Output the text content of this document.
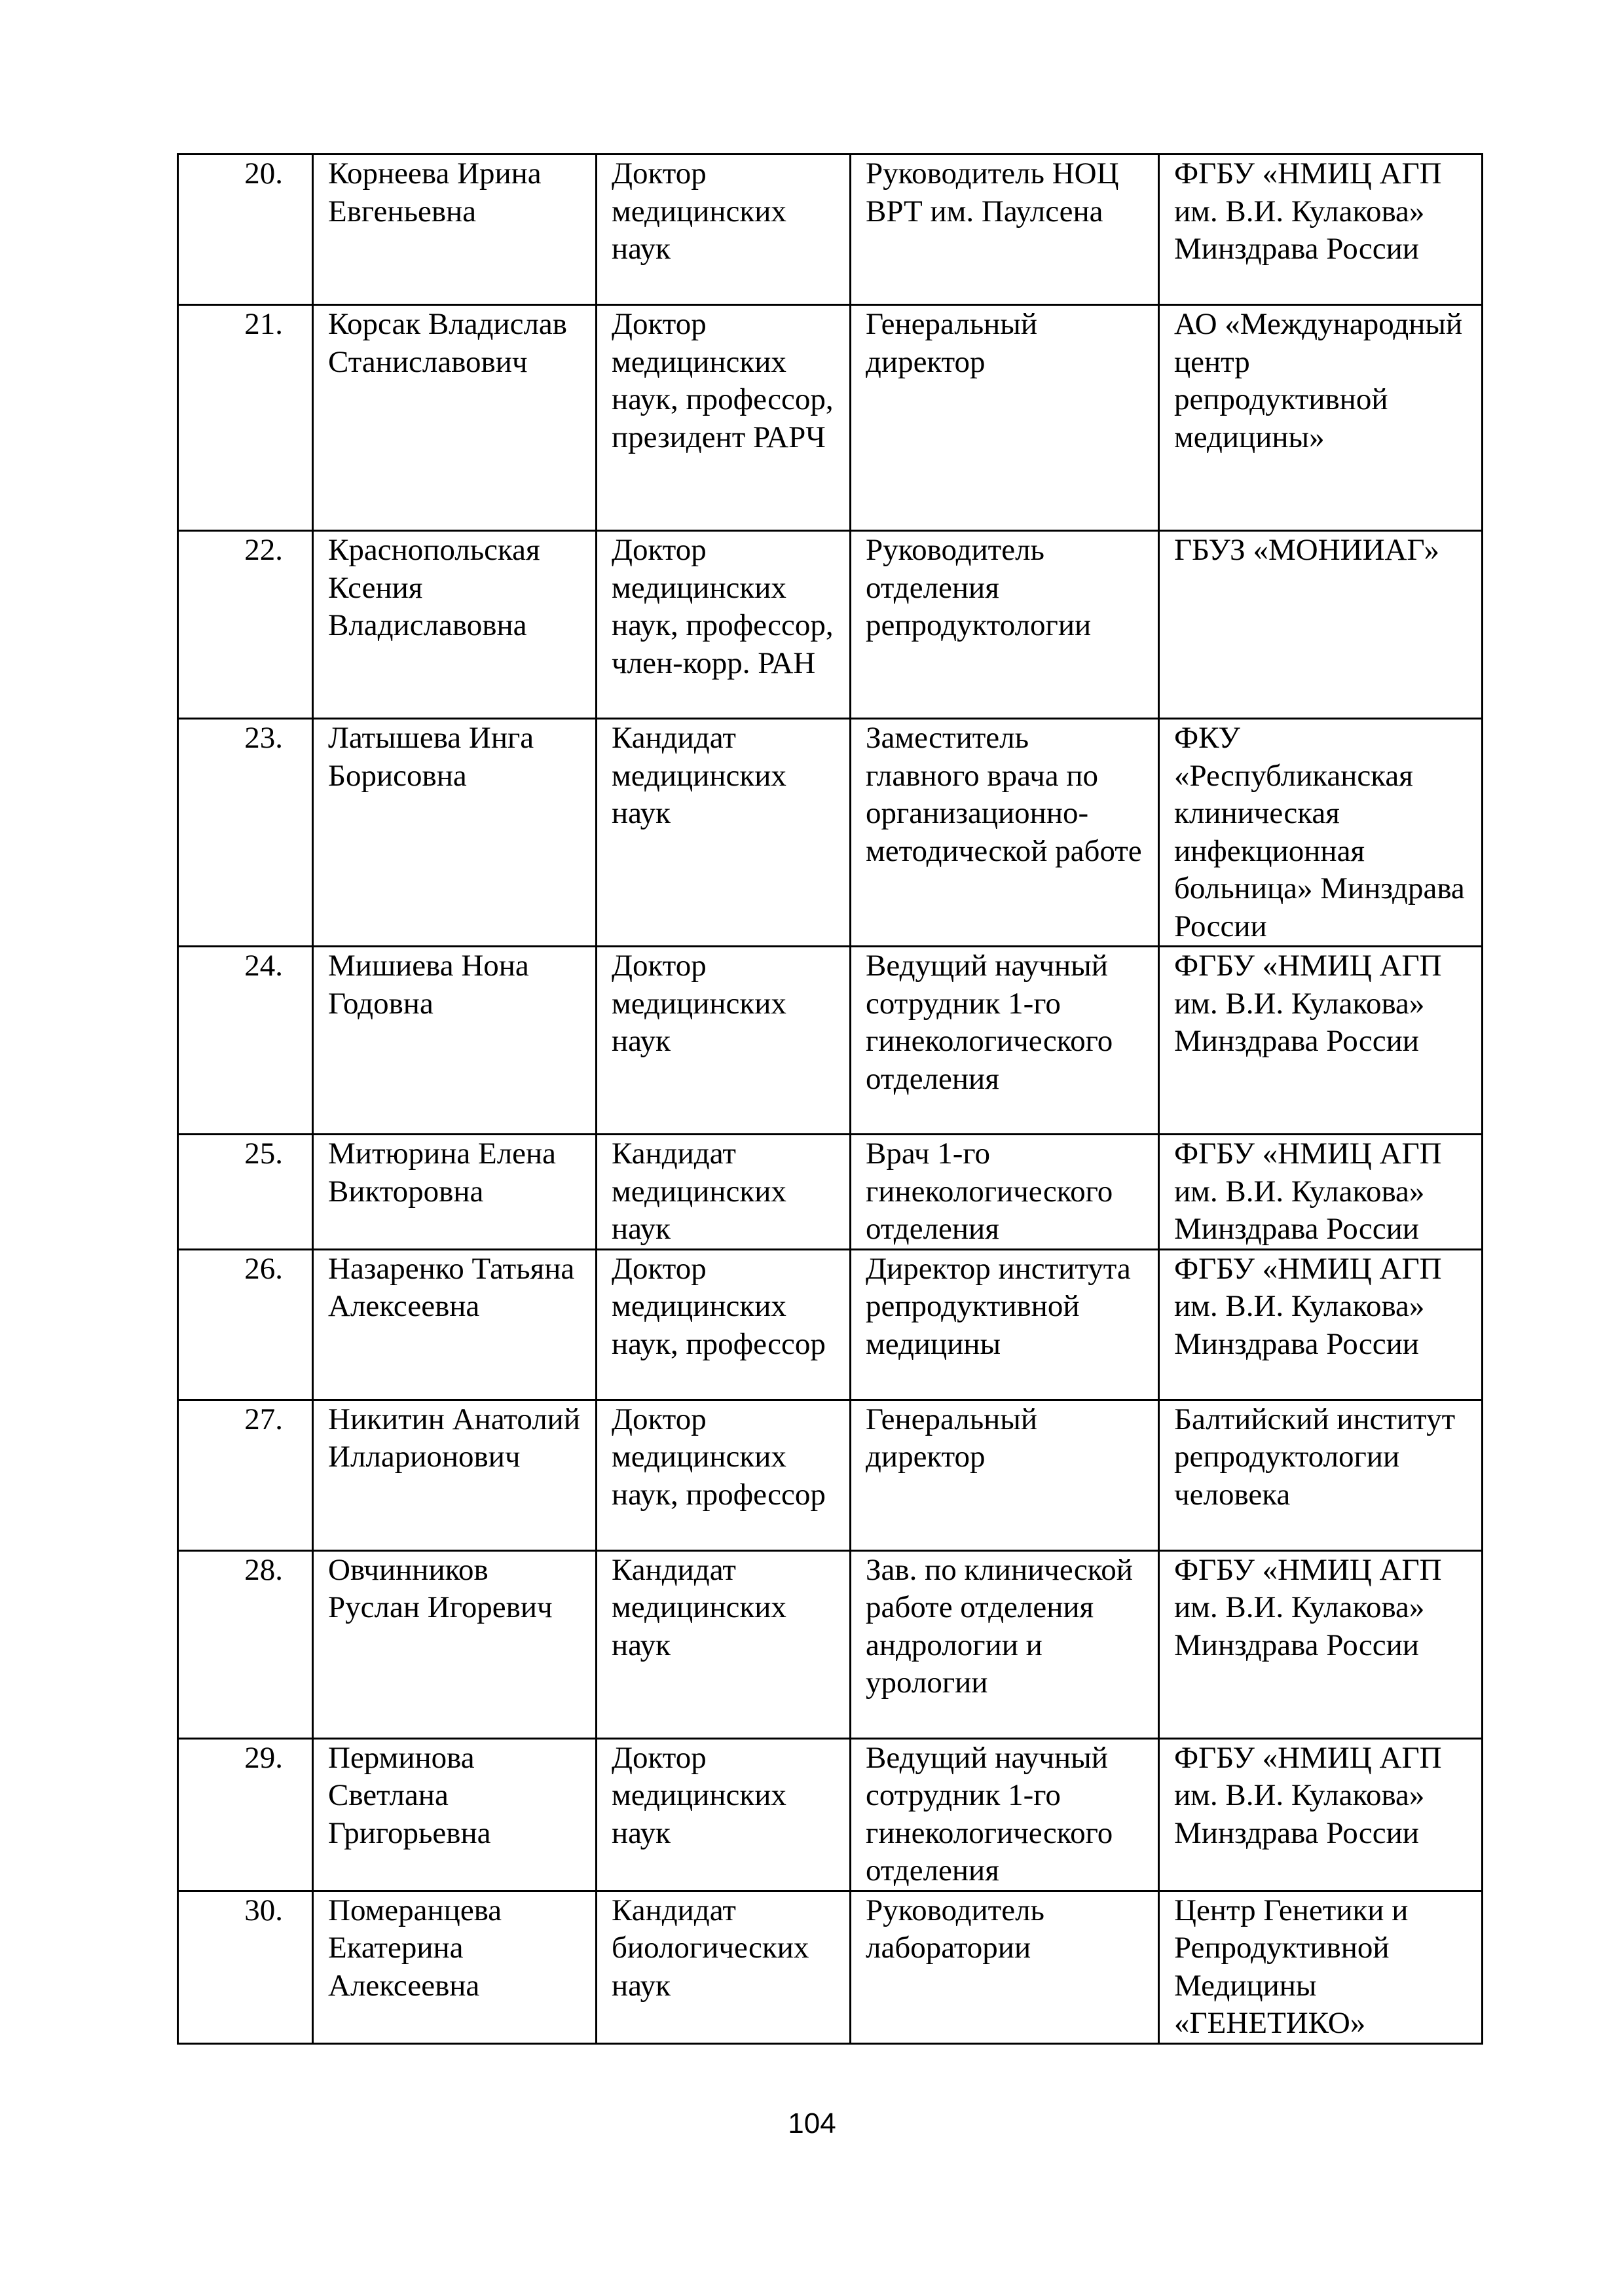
20.	Корнеева Ирина Евгеньевна	Доктор медицинских наук	Руководитель НОЦ ВРТ им. Паулсена	ФГБУ «НМИЦ АГП им. В.И. Кулакова» Минздрава России
21.	Корсак Владислав Станиславович	Доктор медицинских наук, профессор, президент РАРЧ	Генеральный директор	АО «Международный центр репродуктивной медицины»
22.	Краснопольская Ксения Владиславовна	Доктор медицинских наук, профессор, член-корр. РАН	Руководитель отделения репродуктологии	ГБУЗ «МОНИИАГ»
23.	Латышева Инга Борисовна	Кандидат медицинских наук	Заместитель главного врача по организационно-методической работе	ФКУ «Республиканская клиническая инфекционная больница» Минздрава России
24.	Мишиева Нона Годовна	Доктор медицинских наук	Ведущий научный сотрудник 1-го гинекологического отделения	ФГБУ «НМИЦ АГП им. В.И. Кулакова» Минздрава России
25.	Митюрина Елена Викторовна	Кандидат медицинских наук	Врач 1-го гинекологического отделения	ФГБУ «НМИЦ АГП им. В.И. Кулакова» Минздрава России
26.	Назаренко Татьяна Алексеевна	Доктор медицинских наук, профессор	Директор института репродуктивной медицины	ФГБУ «НМИЦ АГП им. В.И. Кулакова» Минздрава России
27.	Никитин Анатолий Илларионович	Доктор медицинских наук, профессор	Генеральный директор	Балтийский институт репродуктологии человека
28.	Овчинников Руслан Игоревич	Кандидат медицинских наук	Зав. по клинической работе отделения андрологии и урологии	ФГБУ «НМИЦ АГП им. В.И. Кулакова» Минздрава России
29.	Перминова Светлана Григорьевна	Доктор медицинских наук	Ведущий научный сотрудник 1-го гинекологического отделения	ФГБУ «НМИЦ АГП им. В.И. Кулакова» Минздрава России
30.	Померанцева Екатерина Алексеевна	Кандидат биологических наук	Руководитель лаборатории	Центр Генетики и Репродуктивной Медицины «ГЕНЕТИКО»
104
